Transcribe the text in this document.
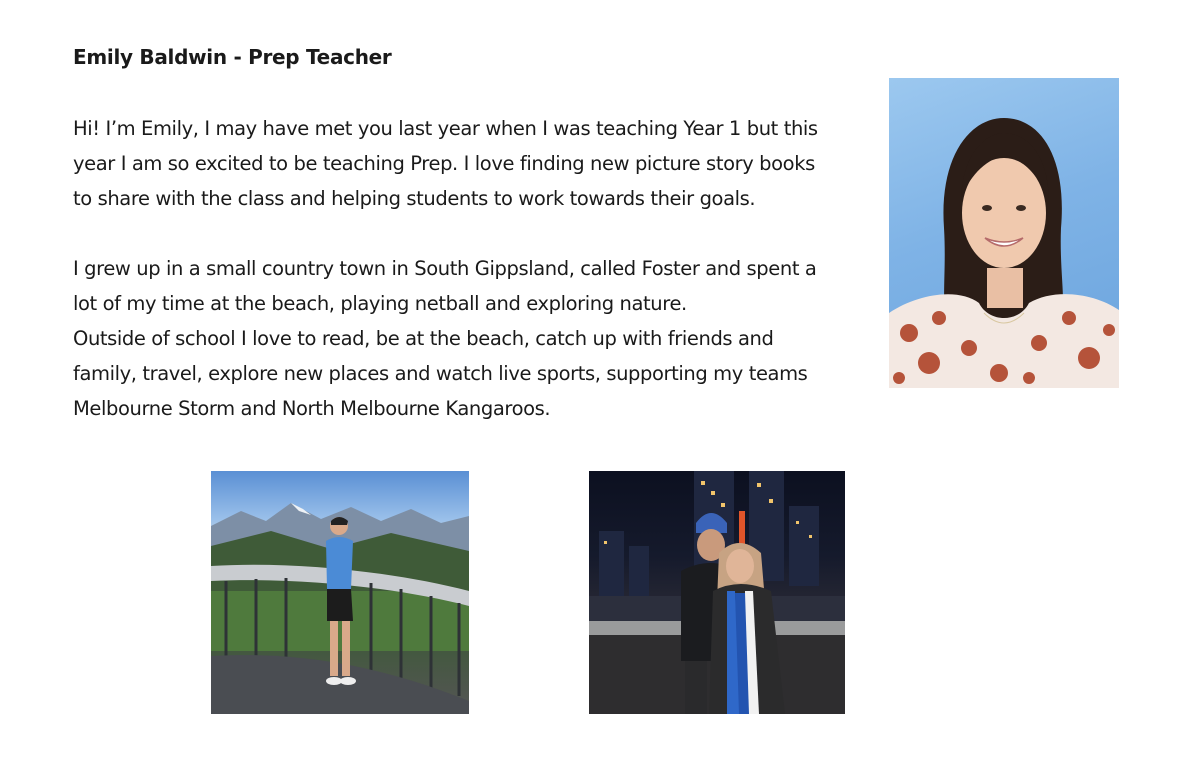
Emily Baldwin - Prep Teacher

Hi! I’m Emily, I may have met you last year when I was teaching Year 1 but this
year I am so excited to be teaching Prep. I love finding new picture story books
to share with the class and helping students to work towards their goals.

I grew up in a small country town in South Gippsland, called Foster and spent a
lot of my time at the beach, playing netball and exploring nature.
Outside of school I love to read, be at the beach, catch up with friends and
family, travel, explore new places and watch live sports, supporting my teams
Melbourne Storm and North Melbourne Kangaroos.
